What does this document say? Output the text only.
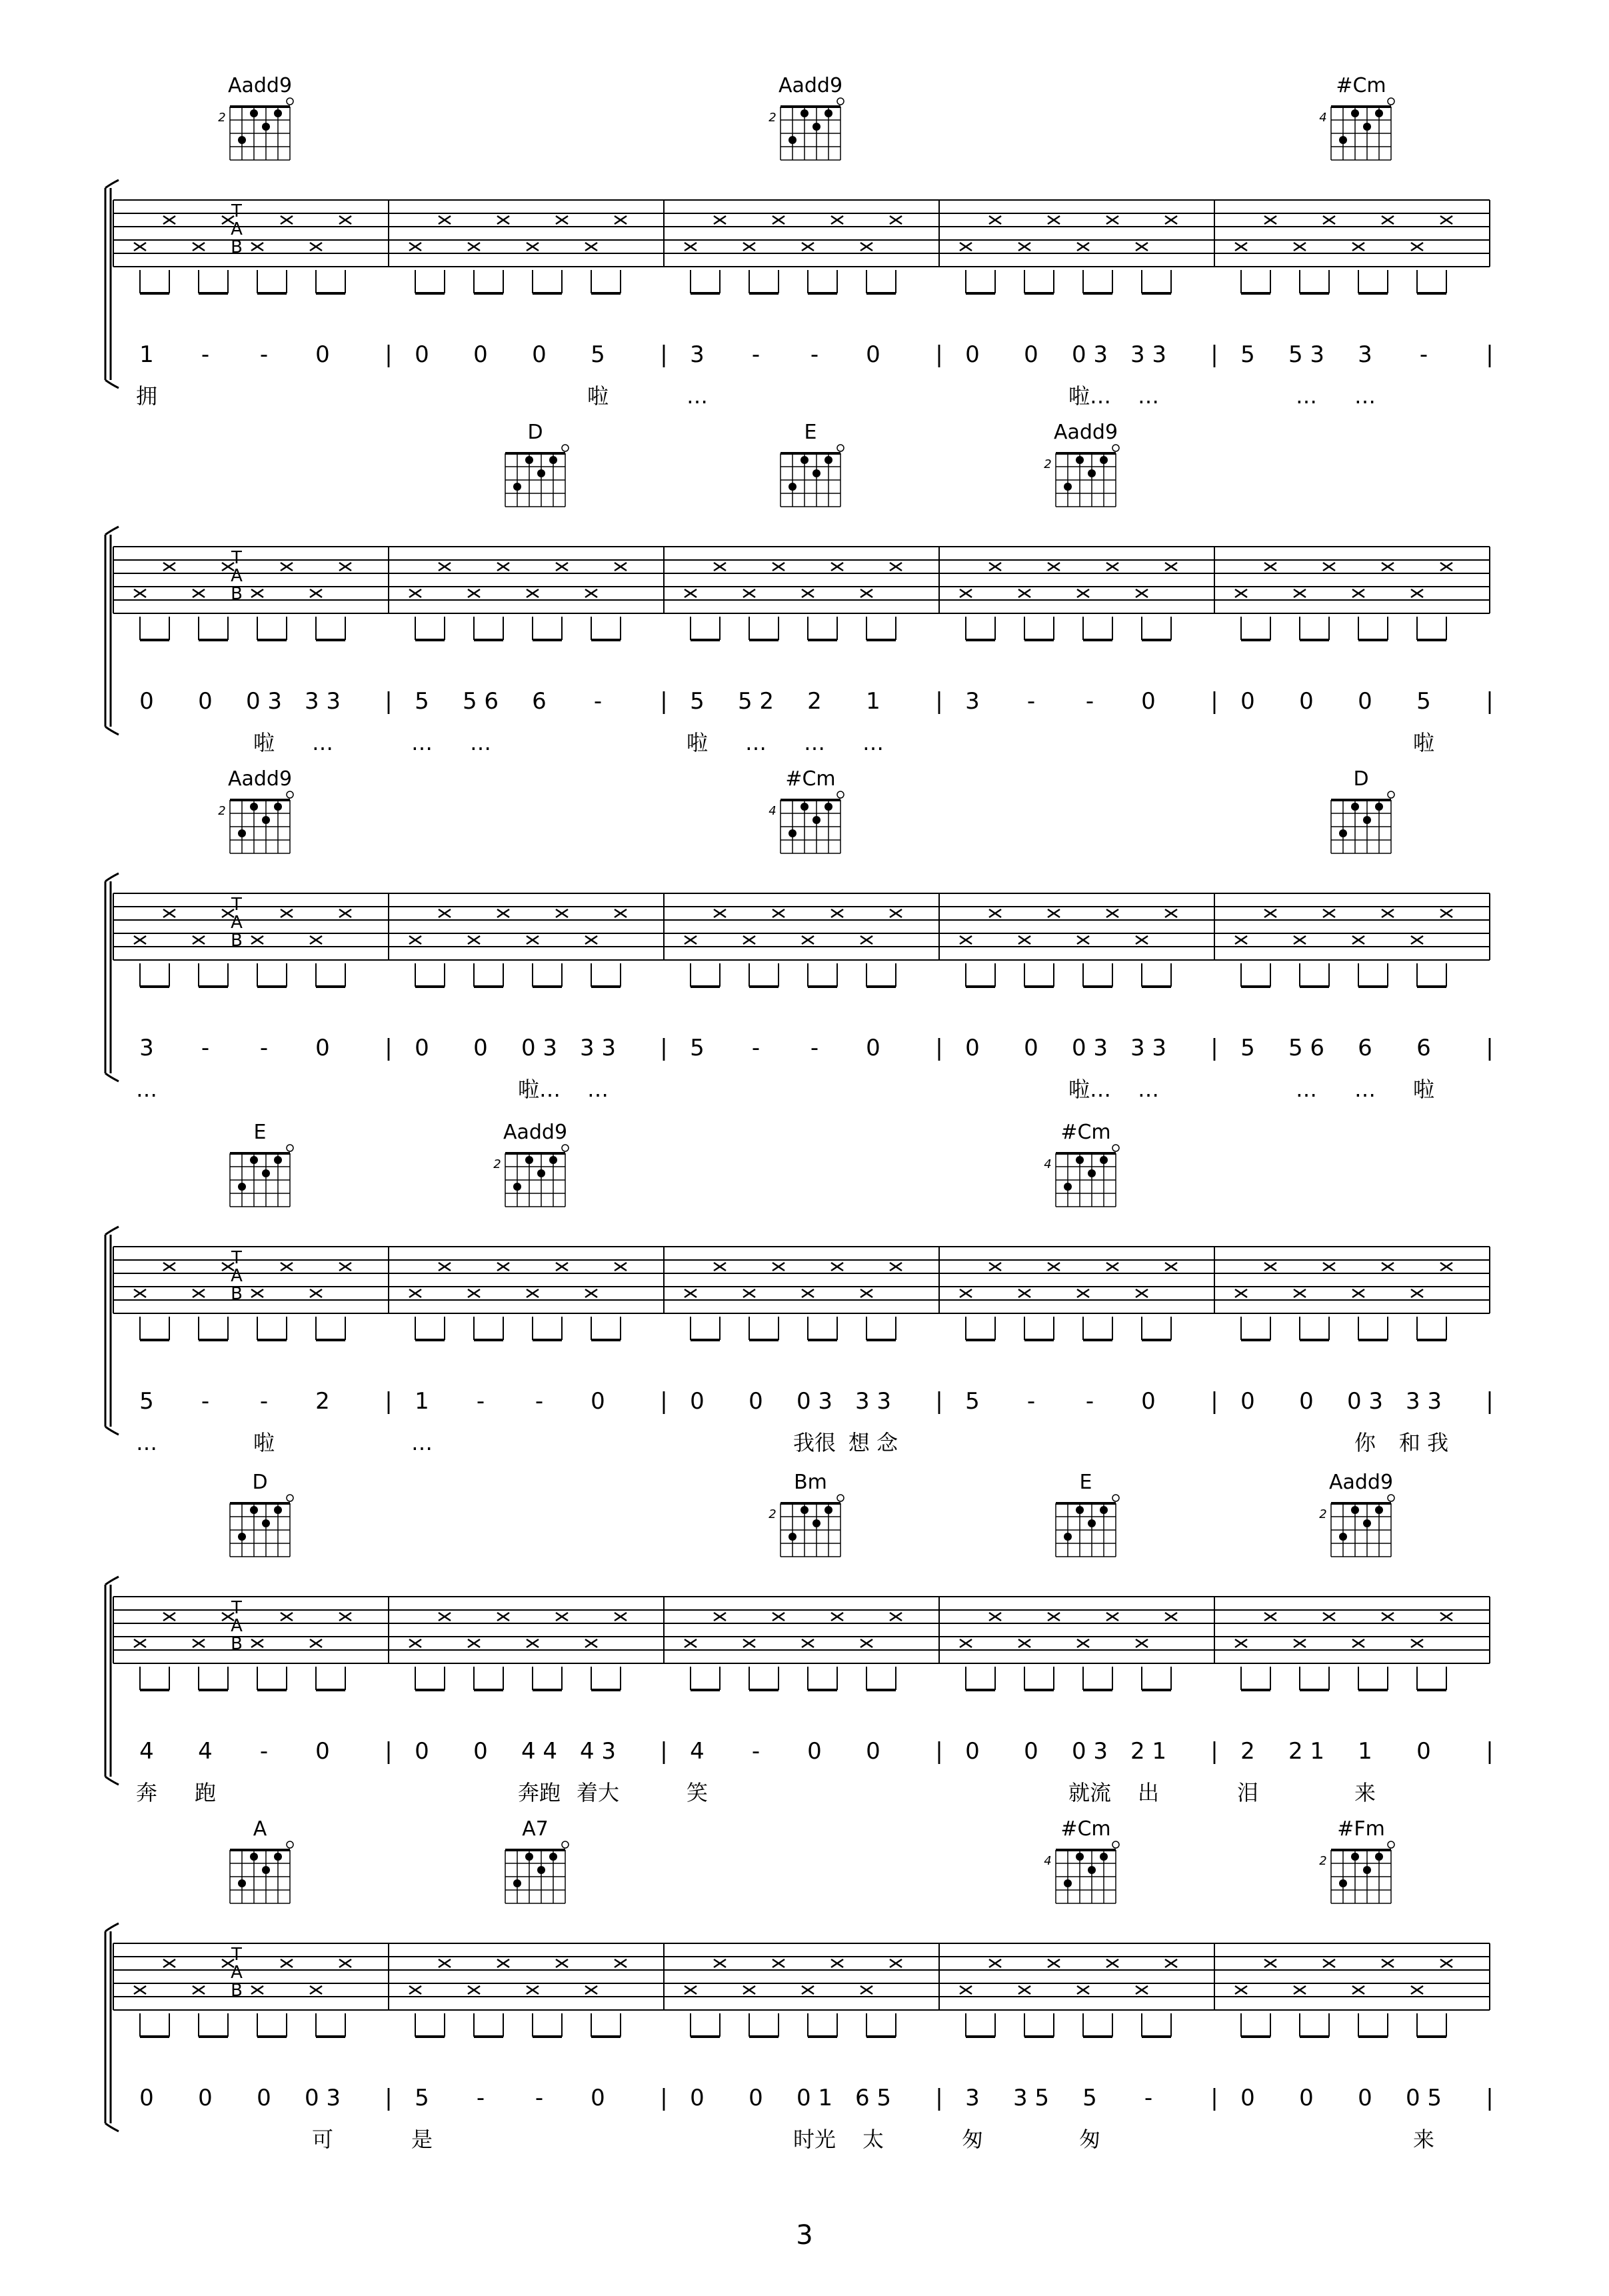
T
A
B
Aadd9
2
Aadd9
2
#Cm
4
|	|	|	|	|
1 - - 0
拥
0 0 0 5
啦
3 - - 0
…
0 0 0 3 3 3
啦… …
5 5 3 3 -
… …
T
A
B
D	E	Aadd9
2
|	|	|	|	|
0 0 0 3 3 3
啦 …
5 5 6 6 -
… …
5 5 2 2 1
啦 … … …
3 - - 0	0 0 0 5
啦
T
A
B
Aadd9
2
#Cm
4
D
|	|	|	|	|
3 - - 0
…
0 0 0 3 3 3
啦… …
5 - - 0	0 0 0 3 3 3
啦… …
5 5 6 6 6
… … 啦
T
A
B
E	Aadd9
2
#Cm
4
|	|	|	|	|
5 - - 2
…	啦
1 - - 0
…
0 0 0 3 3 3
我很 想 念
5 - - 0	0 0 0 3 3 3
你 和 我
T
A
B
D	Bm
2
E	Aadd9
2
|	|	|	|	|
4 4 - 0
奔 跑
0 0 4 4 4 3
奔跑 着大
4 - 0 0
笑
0 0 0 3 2 1
就流 出
2 2 1 1 0
泪	来
T
A
B
A	A7	#Cm
4
#Fm
2
|	|	|	|	|
0 0 0 0 3
可
5 - - 0
是
0 0 0 1 6 5
时光 太
3 3 5 5 -
匆	匆
0 0 0 0 5
来
3
